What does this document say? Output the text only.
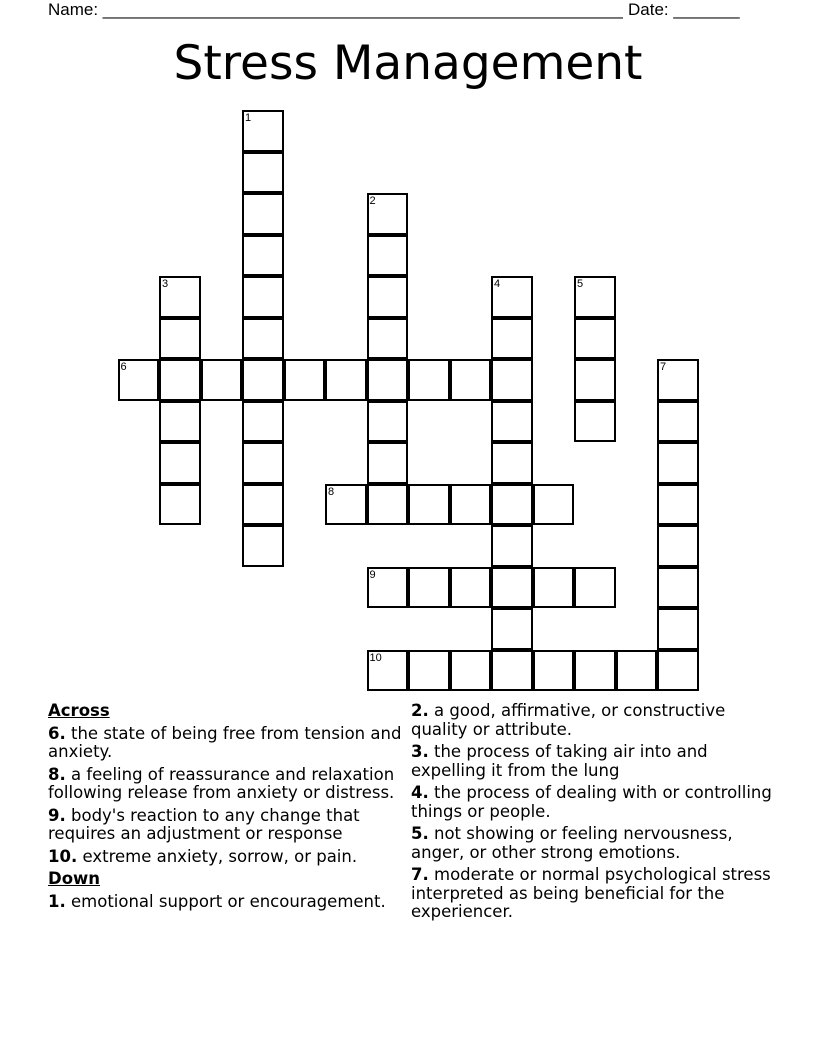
Name: _______________________________________________________ Date: _______
Stress Management
1
2
3	4	5
6	7
8
9
10
Across
6. the state of being free from tension and anxiety.
8. a feeling of reassurance and relaxation following release from anxiety or distress.
9. body's reaction to any change that requires an adjustment or response
10. extreme anxiety, sorrow, or pain.
Down
1. emotional support or encouragement.
2. a good, affirmative, or constructive quality or attribute.
3. the process of taking air into and expelling it from the lung
4. the process of dealing with or controlling things or people.
5. not showing or feeling nervousness, anger, or other strong emotions.
7. moderate or normal psychological stress interpreted as being beneficial for the experiencer.
